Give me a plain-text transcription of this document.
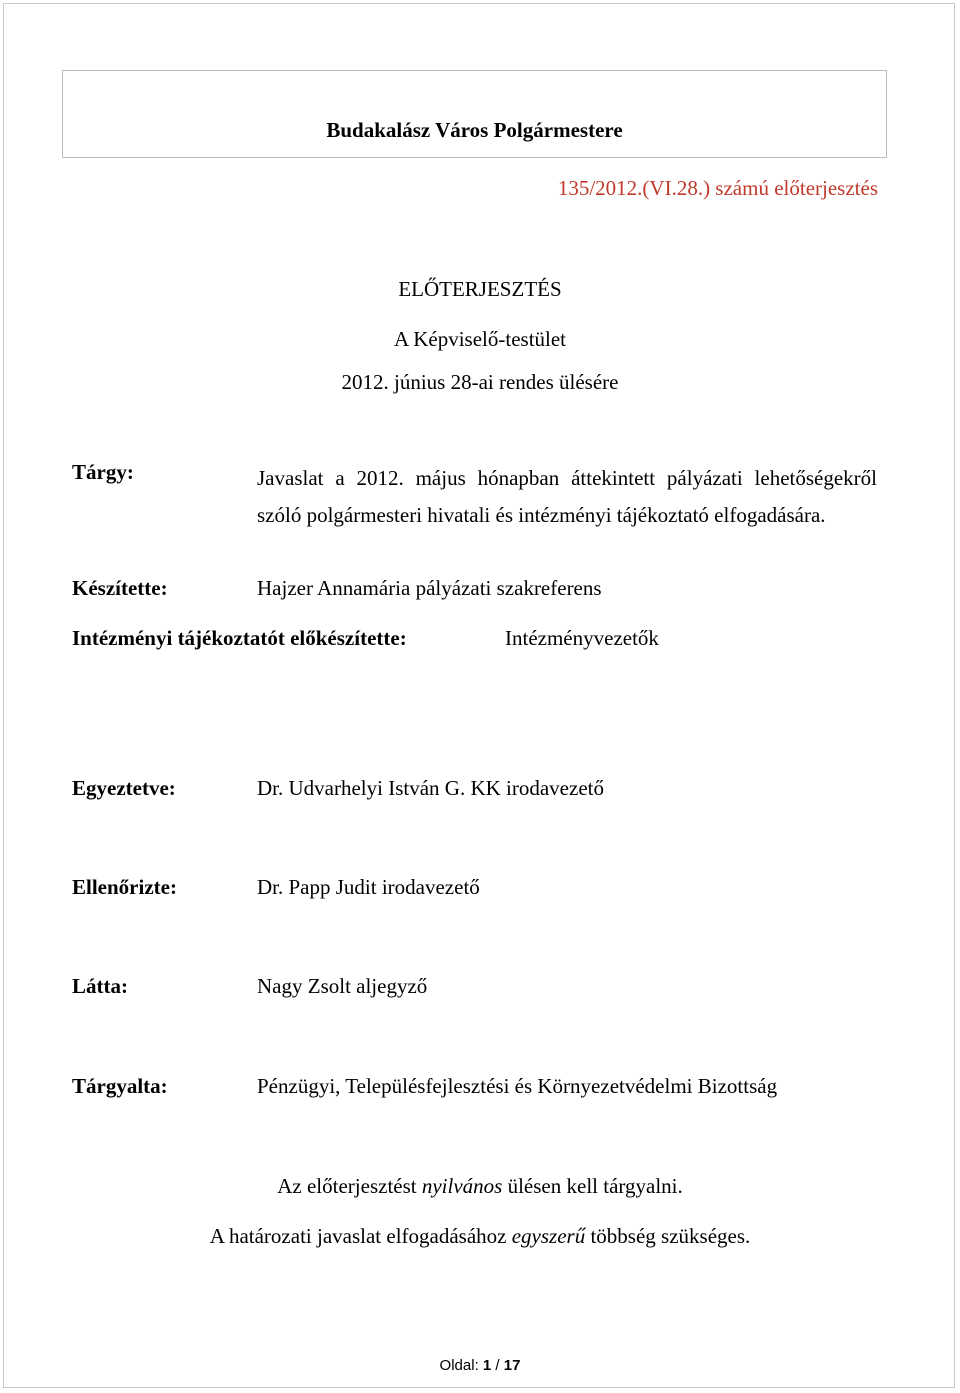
Budakalász Város Polgármestere
135/2012.(VI.28.) számú előterjesztés
ELŐTERJESZTÉS
A Képviselő-testület
2012. június 28-ai rendes ülésére
Tárgy:	Javaslat a 2012. május hónapban áttekintett pályázati lehetőségekről szóló polgármesteri hivatali és intézményi tájékoztató elfogadására.
Készítette:	Hajzer Annamária pályázati szakreferens
Intézményi tájékoztatót előkészítette:	Intézményvezetők
Egyeztetve:	Dr. Udvarhelyi István G. KK irodavezető
Ellenőrizte:	Dr. Papp Judit irodavezető
Látta:	Nagy Zsolt aljegyző
Tárgyalta:	Pénzügyi, Településfejlesztési és Környezetvédelmi Bizottság
Az előterjesztést nyilvános ülésen kell tárgyalni.
A határozati javaslat elfogadásához egyszerű többség szükséges.
Oldal: 1 / 17
